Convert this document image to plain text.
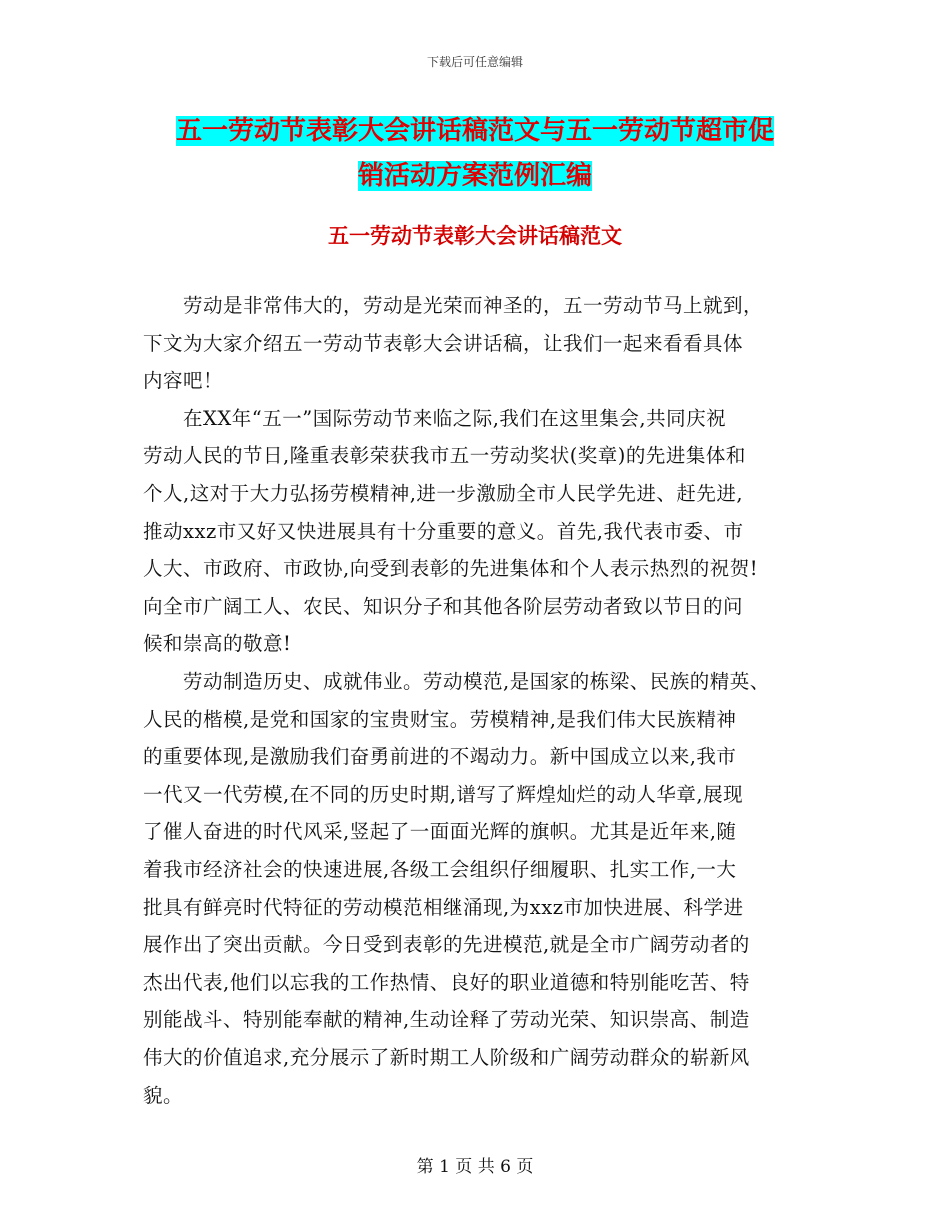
下载后可任意编辑
五一劳动节表彰大会讲话稿范文与五一劳动节超市促
销活动方案范例汇编
五一劳动节表彰大会讲话稿范文
　　劳动是非常伟大的，劳动是光荣而神圣的，五一劳动节马上就到，
下文为大家介绍五一劳动节表彰大会讲话稿，让我们一起来看看具体
内容吧！
　　在XX年“五一”国际劳动节来临之际,我们在这里集会,共同庆祝
劳动人民的节日,隆重表彰荣获我市五一劳动奖状(奖章)的先进集体和
个人,这对于大力弘扬劳模精神,进一步激励全市人民学先进、赶先进,
推动xxz市又好又快进展具有十分重要的意义。首先,我代表市委、市
人大、市政府、市政协,向受到表彰的先进集体和个人表示热烈的祝贺!
向全市广阔工人、农民、知识分子和其他各阶层劳动者致以节日的问
候和崇高的敬意!
　　劳动制造历史、成就伟业。劳动模范,是国家的栋梁、民族的精英、
人民的楷模,是党和国家的宝贵财宝。劳模精神,是我们伟大民族精神
的重要体现,是激励我们奋勇前进的不竭动力。新中国成立以来,我市
一代又一代劳模,在不同的历史时期,谱写了辉煌灿烂的动人华章,展现
了催人奋进的时代风采,竖起了一面面光辉的旗帜。尤其是近年来,随
着我市经济社会的快速进展,各级工会组织仔细履职、扎实工作,一大
批具有鲜亮时代特征的劳动模范相继涌现,为xxz市加快进展、科学进
展作出了突出贡献。今日受到表彰的先进模范,就是全市广阔劳动者的
杰出代表,他们以忘我的工作热情、良好的职业道德和特别能吃苦、特
别能战斗、特别能奉献的精神,生动诠释了劳动光荣、知识崇高、制造
伟大的价值追求,充分展示了新时期工人阶级和广阔劳动群众的崭新风
貌。
第 1 页 共 6 页
